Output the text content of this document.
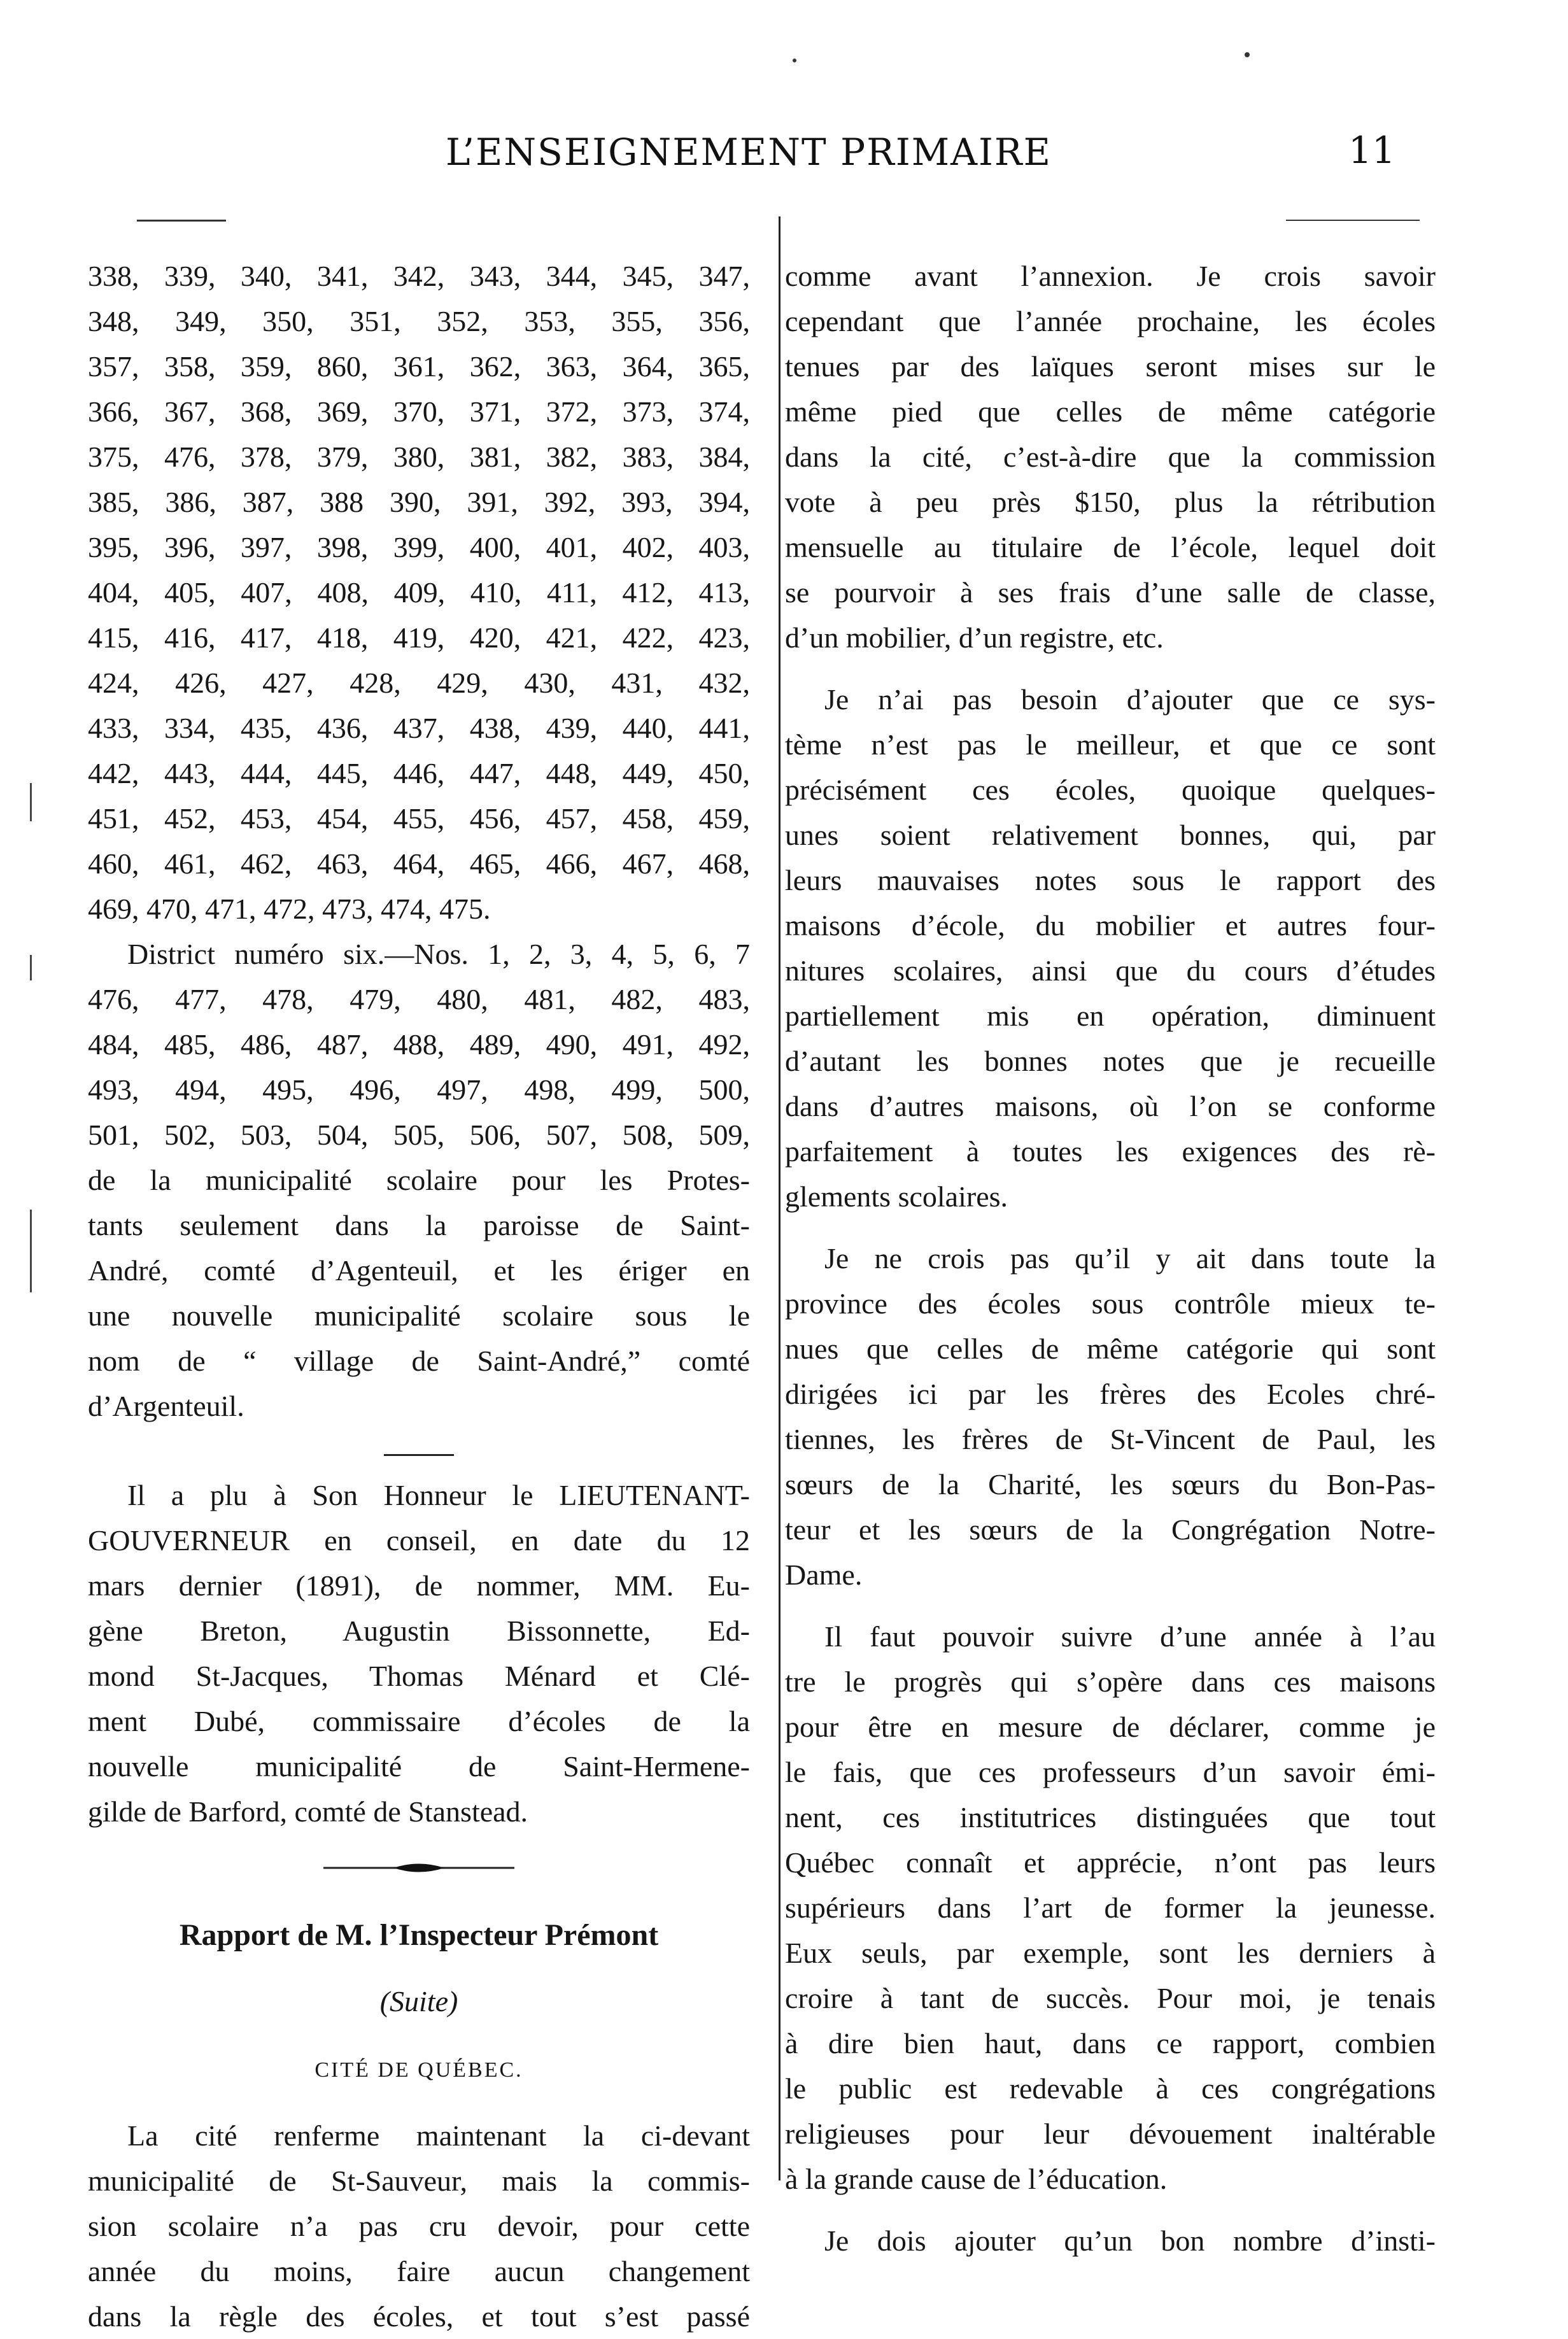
L’ENSEIGNEMENT PRIMAIRE	11
338, 339, 340, 341, 342, 343, 344, 345, 347,
348, 349, 350, 351, 352, 353, 355, 356,
357, 358, 359, 860, 361, 362, 363, 364, 365,
366, 367, 368, 369, 370, 371, 372, 373, 374,
375, 476, 378, 379, 380, 381, 382, 383, 384,
385, 386, 387, 388 390, 391, 392, 393, 394,
395, 396, 397, 398, 399, 400, 401, 402, 403,
404, 405, 407, 408, 409, 410, 411, 412, 413,
415, 416, 417, 418, 419, 420, 421, 422, 423,
424, 426, 427, 428, 429, 430, 431, 432,
433, 334, 435, 436, 437, 438, 439, 440, 441,
442, 443, 444, 445, 446, 447, 448, 449, 450,
451, 452, 453, 454, 455, 456, 457, 458, 459,
460, 461, 462, 463, 464, 465, 466, 467, 468,
469, 470, 471, 472, 473, 474, 475.
District numéro six.—Nos. 1, 2, 3, 4, 5, 6, 7
476, 477, 478, 479, 480, 481, 482, 483,
484, 485, 486, 487, 488, 489, 490, 491, 492,
493, 494, 495, 496, 497, 498, 499, 500,
501, 502, 503, 504, 505, 506, 507, 508, 509,
de la municipalité scolaire pour les Protes-
tants seulement dans la paroisse de Saint-
André, comté d’Agenteuil, et les ériger en
une nouvelle municipalité scolaire sous le
nom de “ village de Saint-André,” comté
d’Argenteuil.
Il a plu à Son Honneur le LIEUTENANT-
GOUVERNEUR en conseil, en date du 12
mars dernier (1891), de nommer, MM. Eu-
gène Breton, Augustin Bissonnette, Ed-
mond St-Jacques, Thomas Ménard et Clé-
ment Dubé, commissaire d’écoles de la
nouvelle municipalité de Saint-Hermene-
gilde de Barford, comté de Stanstead.
Rapport de M. l’Inspecteur Prémont
(Suite)
CITÉ DE QUÉBEC.
La cité renferme maintenant la ci-devant
municipalité de St-Sauveur, mais la commis-
sion scolaire n’a pas cru devoir, pour cette
année du moins, faire aucun changement
dans la règle des écoles, et tout s’est passé
comme avant l’annexion. Je crois savoir
cependant que l’année prochaine, les écoles
tenues par des laïques seront mises sur le
même pied que celles de même catégorie
dans la cité, c’est-à-dire que la commission
vote à peu près $150, plus la rétribution
mensuelle au titulaire de l’école, lequel doit
se pourvoir à ses frais d’une salle de classe,
d’un mobilier, d’un registre, etc.
Je n’ai pas besoin d’ajouter que ce sys-
tème n’est pas le meilleur, et que ce sont
précisément ces écoles, quoique quelques-
unes soient relativement bonnes, qui, par
leurs mauvaises notes sous le rapport des
maisons d’école, du mobilier et autres four-
nitures scolaires, ainsi que du cours d’études
partiellement mis en opération, diminuent
d’autant les bonnes notes que je recueille
dans d’autres maisons, où l’on se conforme
parfaitement à toutes les exigences des rè-
glements scolaires.
Je ne crois pas qu’il y ait dans toute la
province des écoles sous contrôle mieux te-
nues que celles de même catégorie qui sont
dirigées ici par les frères des Ecoles chré-
tiennes, les frères de St-Vincent de Paul, les
sœurs de la Charité, les sœurs du Bon-Pas-
teur et les sœurs de la Congrégation Notre-
Dame.
Il faut pouvoir suivre d’une année à l’au
tre le progrès qui s’opère dans ces maisons
pour être en mesure de déclarer, comme je
le fais, que ces professeurs d’un savoir émi-
nent, ces institutrices distinguées que tout
Québec connaît et apprécie, n’ont pas leurs
supérieurs dans l’art de former la jeunesse.
Eux seuls, par exemple, sont les derniers à
croire à tant de succès. Pour moi, je tenais
à dire bien haut, dans ce rapport, combien
le public est redevable à ces congrégations
religieuses pour leur dévouement inaltérable
à la grande cause de l’éducation.
Je dois ajouter qu’un bon nombre d’insti-
